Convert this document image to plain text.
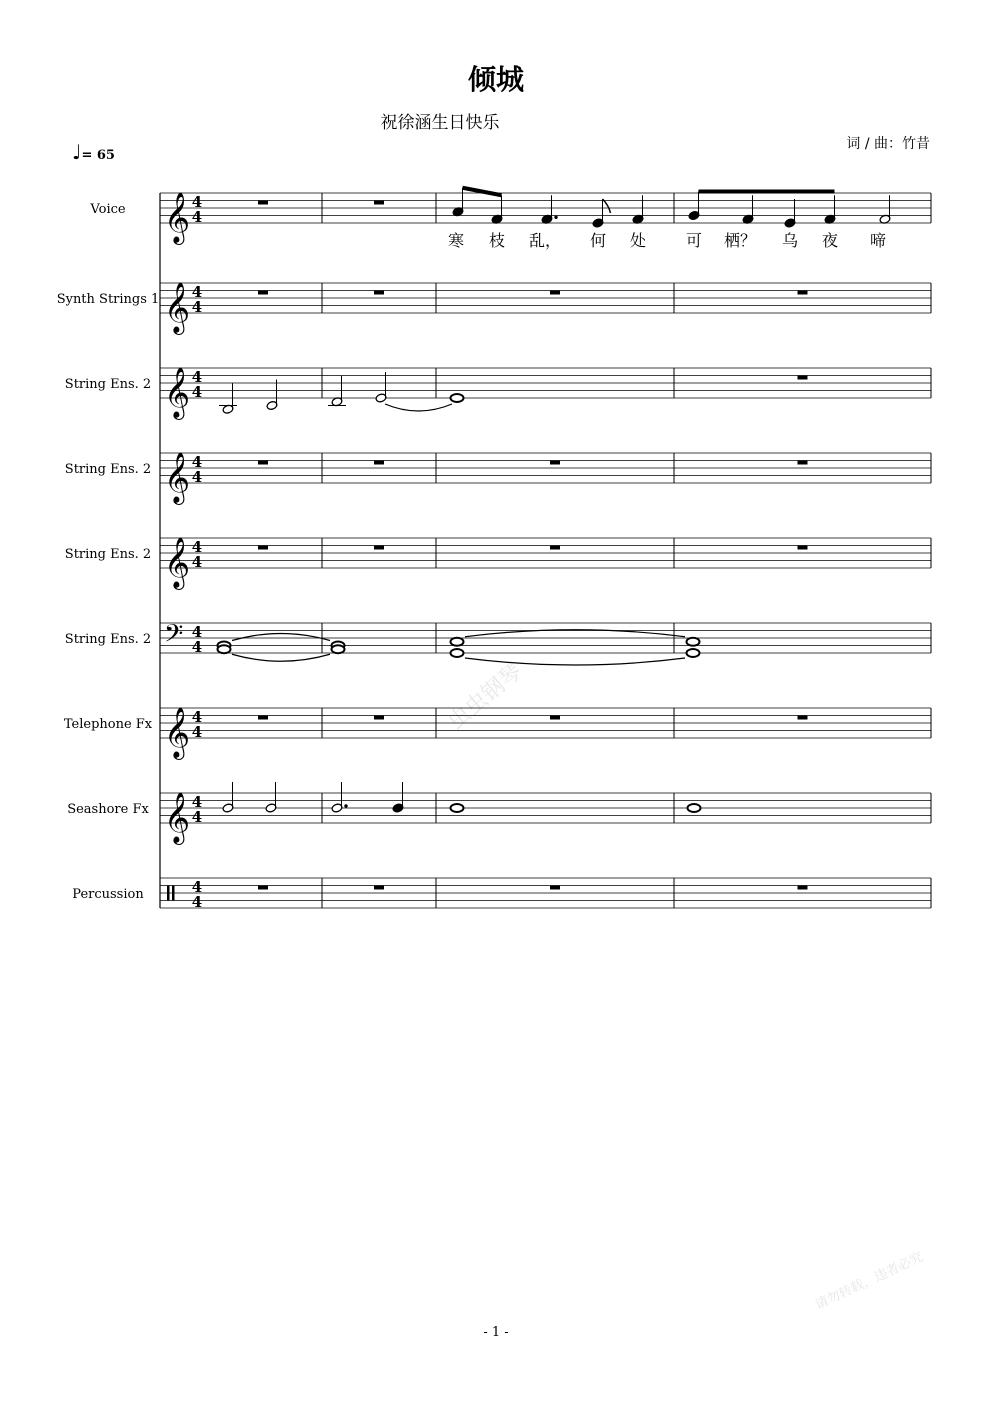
倾城
祝徐涵生日快乐
词 / 曲：竹昔
♩= 65
虫虫钢琴
请勿转载，违者必究
Voice 𝄞 4
4
Synth Strings 1 𝄞 4
4
String Ens. 2 𝄞 4
4
String Ens. 2 𝄞 4
4
String Ens. 2 𝄞 4
4
String Ens. 2 𝄢 4
4
Telephone Fx 𝄞 4
4
Seashore Fx 𝄞 4
4
Percussion	4
4
寒 枝 乱， 何 处 可 栖？ 乌 夜 啼
- 1 -
